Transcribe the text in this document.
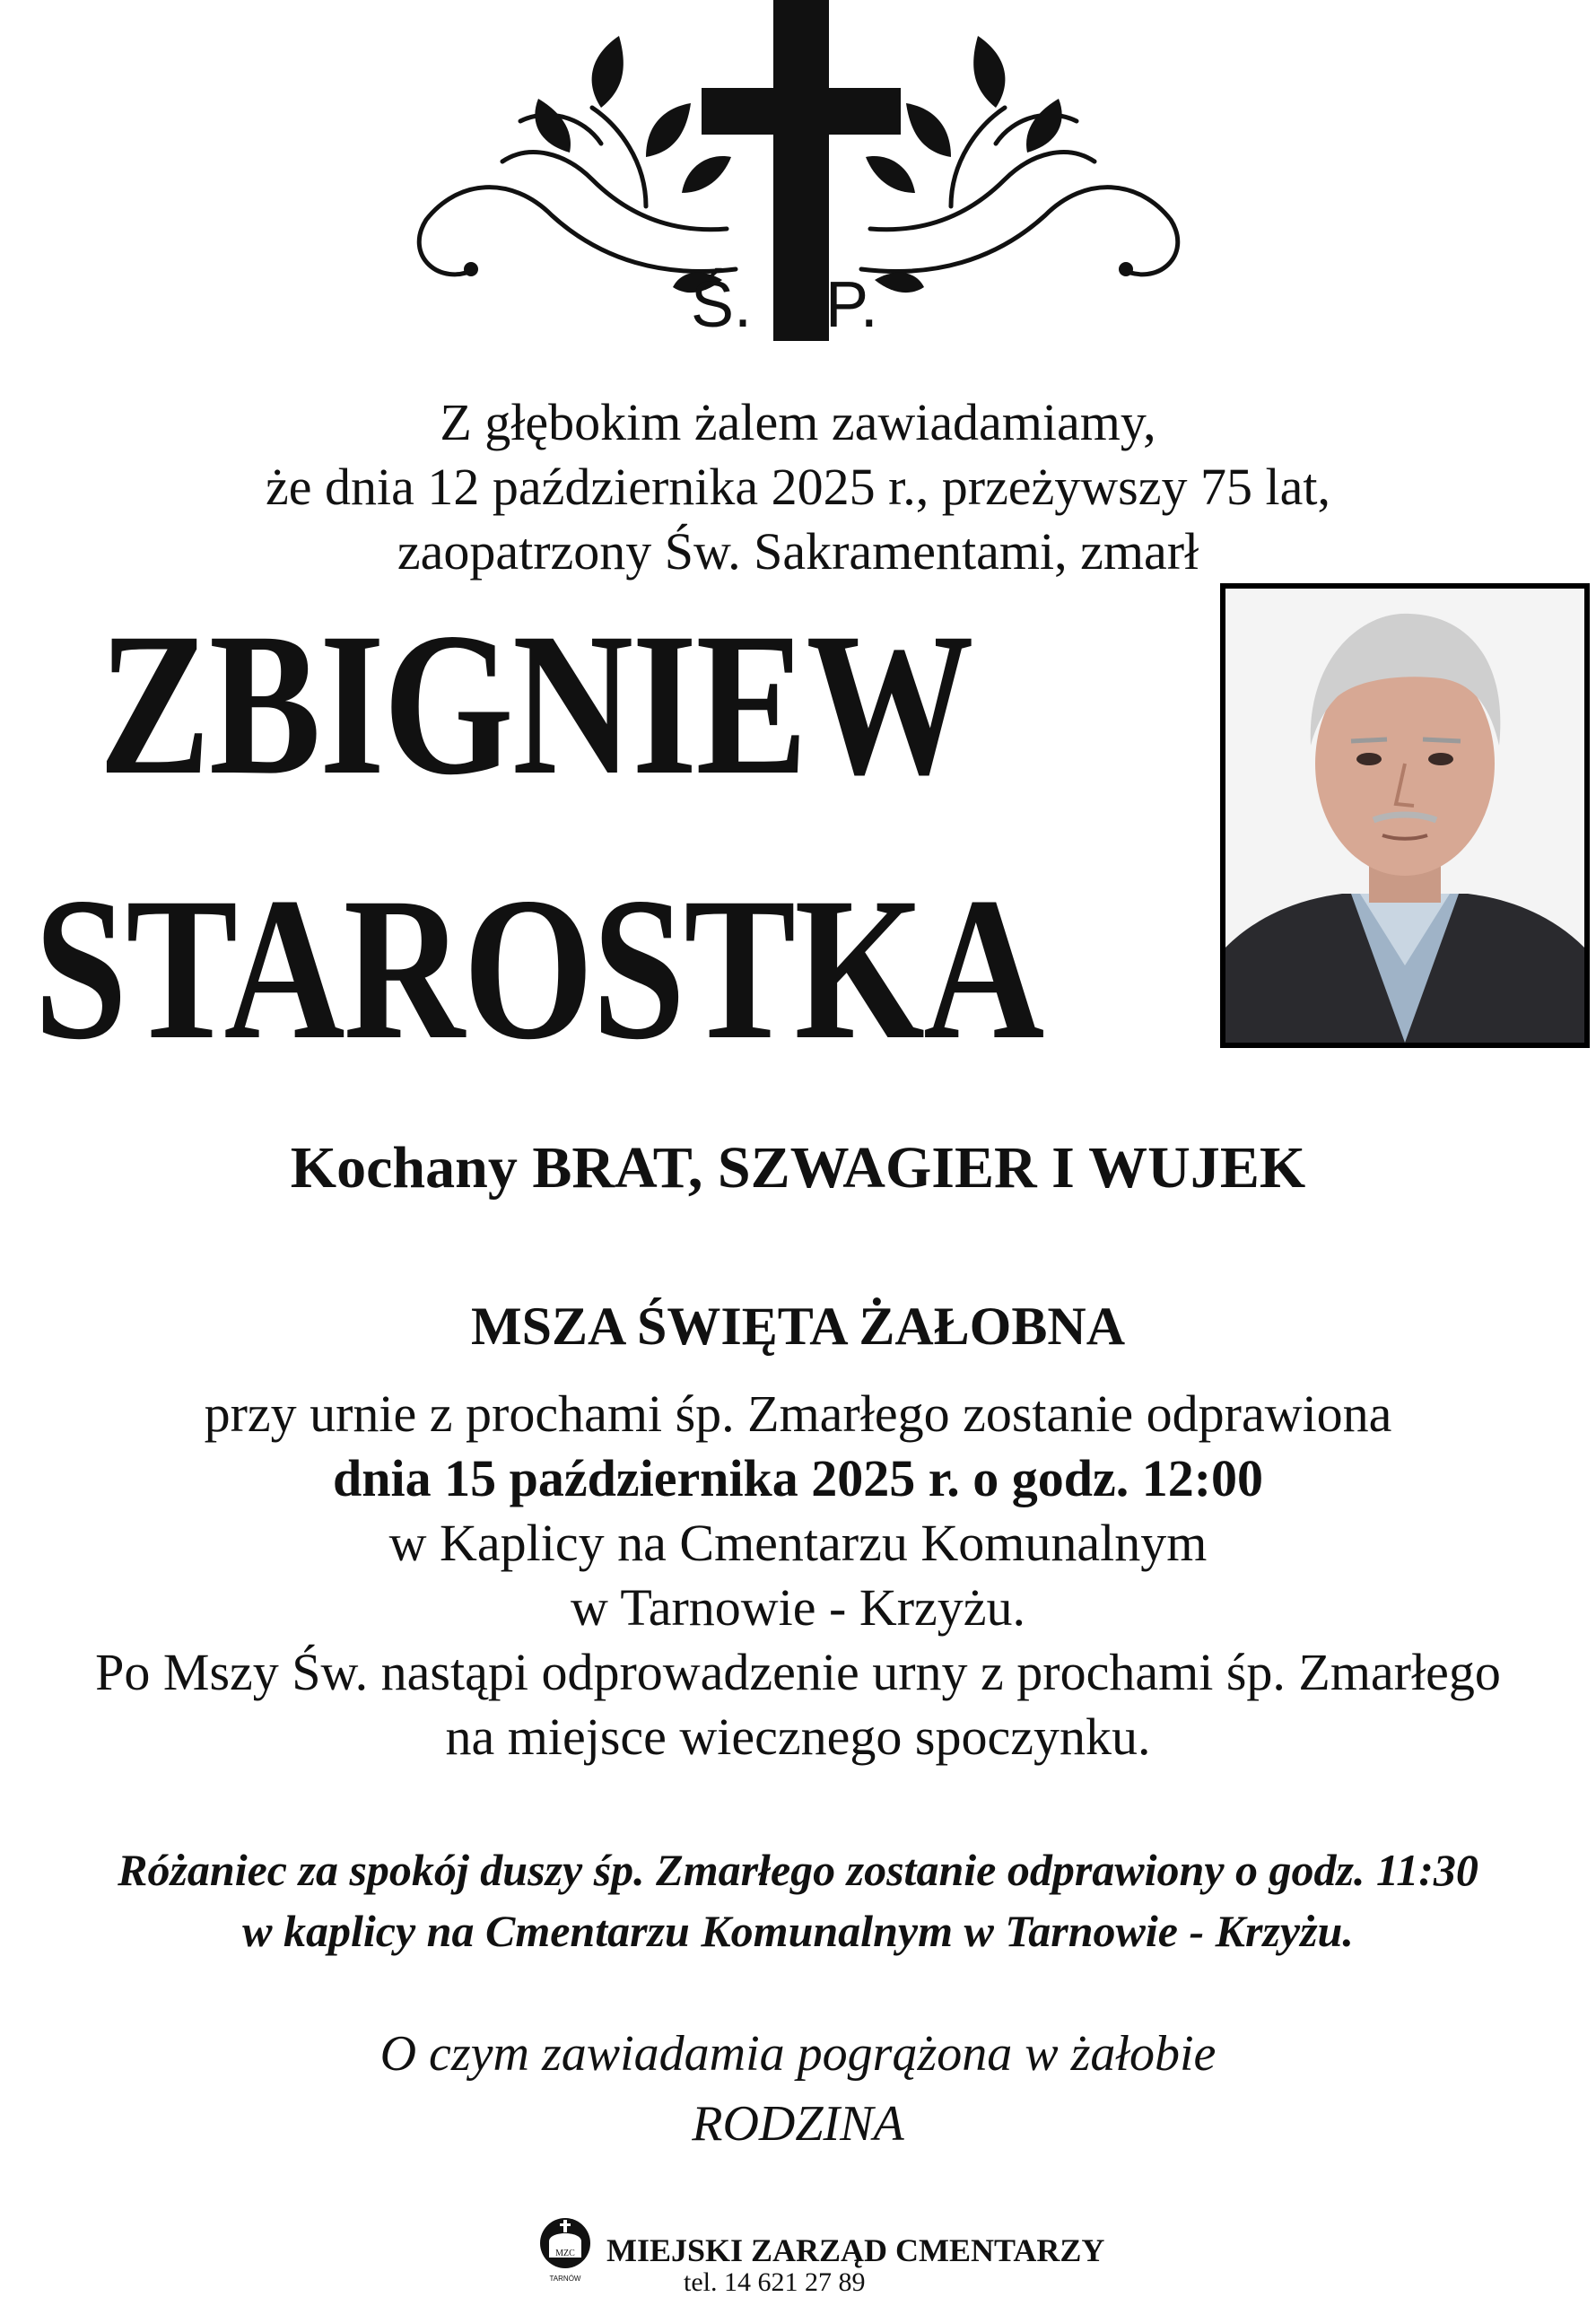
Ś. P.
Z głębokim żalem zawiadamiamy,
że dnia 12 października 2025 r., przeżywszy 75 lat,
zaopatrzony Św. Sakramentami, zmarł
ZBIGNIEW
STAROSTKA
Kochany BRAT, SZWAGIER I WUJEK
MSZA ŚWIĘTA ŻAŁOBNA
przy urnie z prochami śp. Zmarłego zostanie odprawiona
dnia 15 października 2025 r. o godz. 12:00
w Kaplicy na Cmentarzu Komunalnym
w Tarnowie - Krzyżu.
Po Mszy Św. nastąpi odprowadzenie urny z prochami śp. Zmarłego
na miejsce wiecznego spoczynku.
Różaniec za spokój duszy śp. Zmarłego zostanie odprawiony o godz. 11:30
w kaplicy na Cmentarzu Komunalnym w Tarnowie - Krzyżu.
O czym zawiadamia pogrążona w żałobie
RODZINA
MZC
TARNÓW
MIEJSKI ZARZĄD CMENTARZY
tel. 14 621 27 89
